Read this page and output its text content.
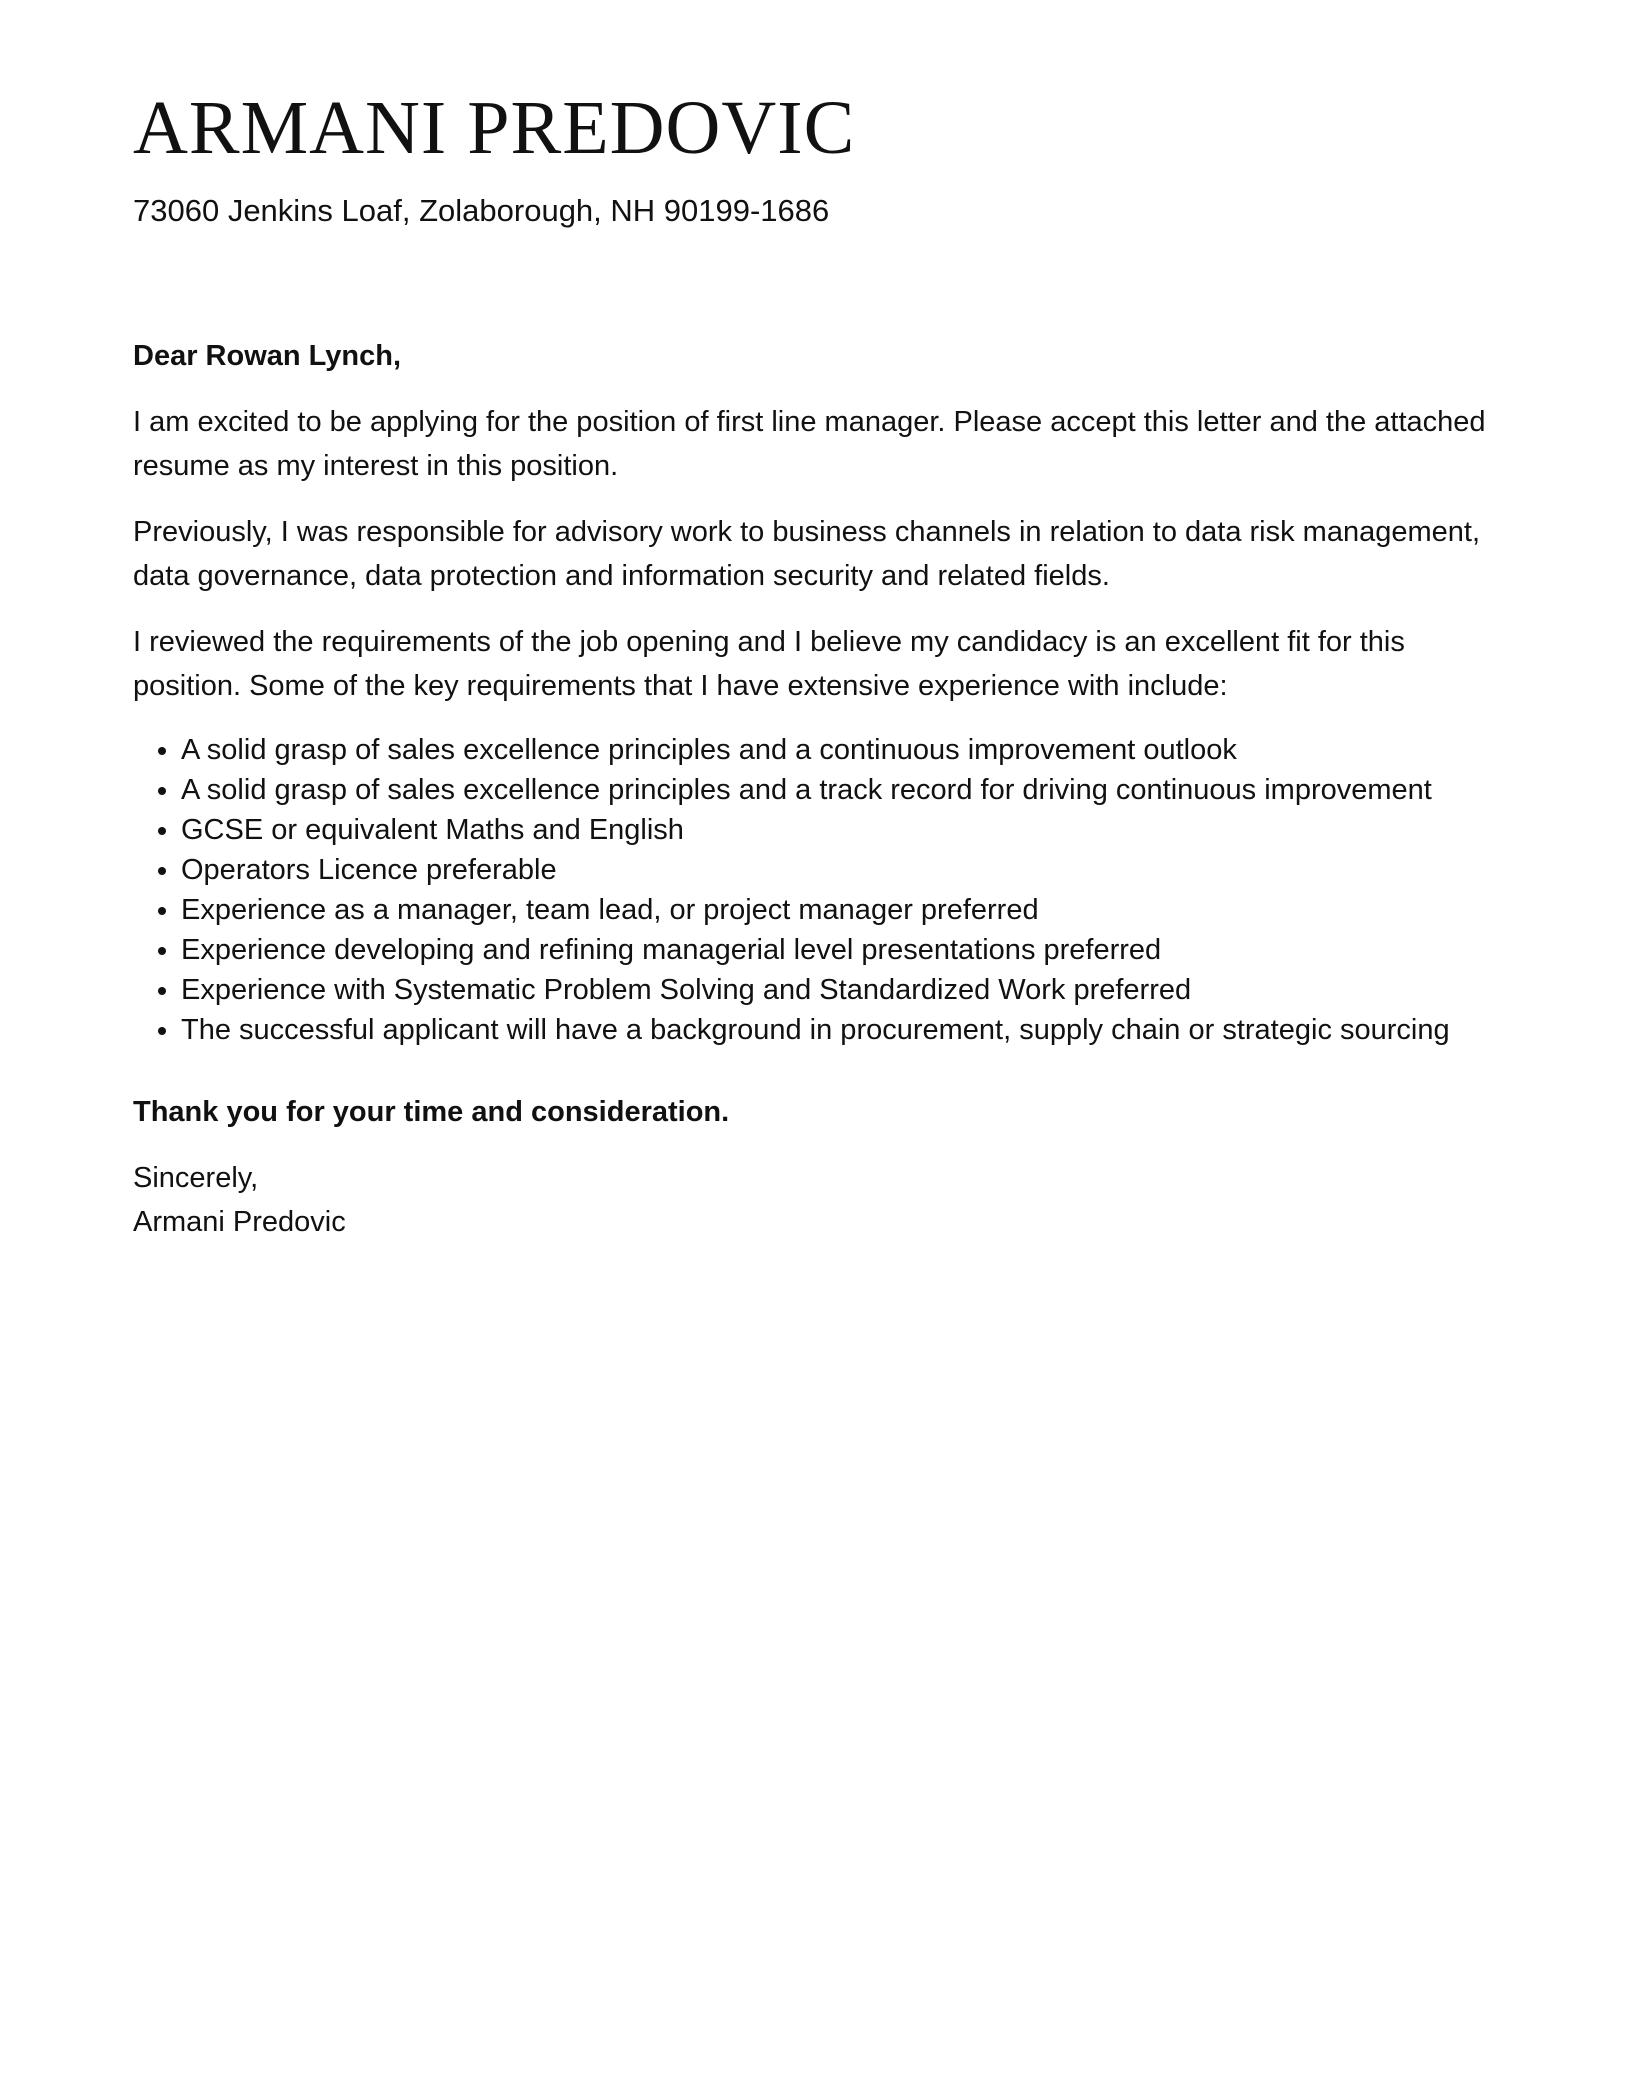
ARMANI PREDOVIC
73060 Jenkins Loaf, Zolaborough, NH 90199-1686

Dear Rowan Lynch,

I am excited to be applying for the position of first line manager. Please accept this letter and the attached resume as my interest in this position.

Previously, I was responsible for advisory work to business channels in relation to data risk management, data governance, data protection and information security and related fields.

I reviewed the requirements of the job opening and I believe my candidacy is an excellent fit for this position. Some of the key requirements that I have extensive experience with include:

• A solid grasp of sales excellence principles and a continuous improvement outlook
• A solid grasp of sales excellence principles and a track record for driving continuous improvement
• GCSE or equivalent Maths and English
• Operators Licence preferable
• Experience as a manager, team lead, or project manager preferred
• Experience developing and refining managerial level presentations preferred
• Experience with Systematic Problem Solving and Standardized Work preferred
• The successful applicant will have a background in procurement, supply chain or strategic sourcing

Thank you for your time and consideration.

Sincerely,
Armani Predovic
